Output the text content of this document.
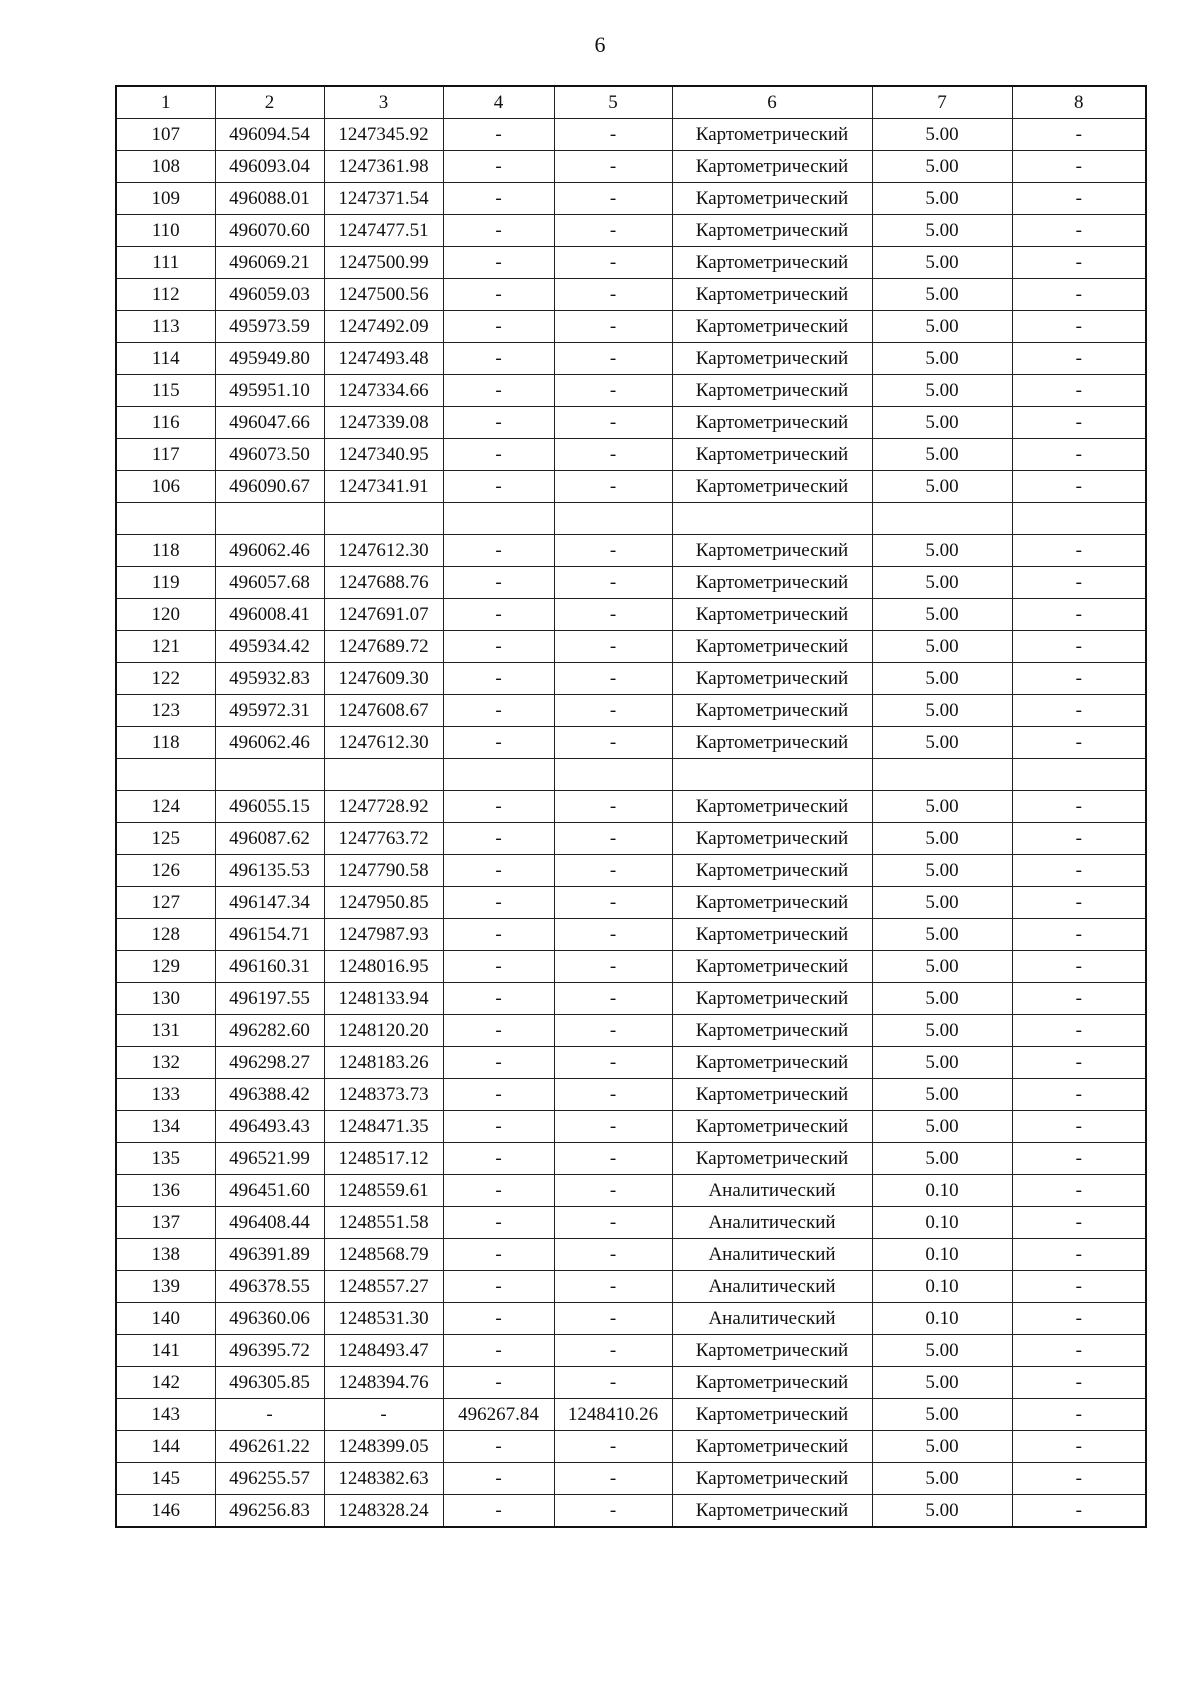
6
1	2	3	4	5	6	7	8
107	496094.54	1247345.92	-	-	Картометрический	5.00	-
108	496093.04	1247361.98	-	-	Картометрический	5.00	-
109	496088.01	1247371.54	-	-	Картометрический	5.00	-
110	496070.60	1247477.51	-	-	Картометрический	5.00	-
111	496069.21	1247500.99	-	-	Картометрический	5.00	-
112	496059.03	1247500.56	-	-	Картометрический	5.00	-
113	495973.59	1247492.09	-	-	Картометрический	5.00	-
114	495949.80	1247493.48	-	-	Картометрический	5.00	-
115	495951.10	1247334.66	-	-	Картометрический	5.00	-
116	496047.66	1247339.08	-	-	Картометрический	5.00	-
117	496073.50	1247340.95	-	-	Картометрический	5.00	-
106	496090.67	1247341.91	-	-	Картометрический	5.00	-

118	496062.46	1247612.30	-	-	Картометрический	5.00	-
119	496057.68	1247688.76	-	-	Картометрический	5.00	-
120	496008.41	1247691.07	-	-	Картометрический	5.00	-
121	495934.42	1247689.72	-	-	Картометрический	5.00	-
122	495932.83	1247609.30	-	-	Картометрический	5.00	-
123	495972.31	1247608.67	-	-	Картометрический	5.00	-
118	496062.46	1247612.30	-	-	Картометрический	5.00	-

124	496055.15	1247728.92	-	-	Картометрический	5.00	-
125	496087.62	1247763.72	-	-	Картометрический	5.00	-
126	496135.53	1247790.58	-	-	Картометрический	5.00	-
127	496147.34	1247950.85	-	-	Картометрический	5.00	-
128	496154.71	1247987.93	-	-	Картометрический	5.00	-
129	496160.31	1248016.95	-	-	Картометрический	5.00	-
130	496197.55	1248133.94	-	-	Картометрический	5.00	-
131	496282.60	1248120.20	-	-	Картометрический	5.00	-
132	496298.27	1248183.26	-	-	Картометрический	5.00	-
133	496388.42	1248373.73	-	-	Картометрический	5.00	-
134	496493.43	1248471.35	-	-	Картометрический	5.00	-
135	496521.99	1248517.12	-	-	Картометрический	5.00	-
136	496451.60	1248559.61	-	-	Аналитический	0.10	-
137	496408.44	1248551.58	-	-	Аналитический	0.10	-
138	496391.89	1248568.79	-	-	Аналитический	0.10	-
139	496378.55	1248557.27	-	-	Аналитический	0.10	-
140	496360.06	1248531.30	-	-	Аналитический	0.10	-
141	496395.72	1248493.47	-	-	Картометрический	5.00	-
142	496305.85	1248394.76	-	-	Картометрический	5.00	-
143	-	-	496267.84	1248410.26	Картометрический	5.00	-
144	496261.22	1248399.05	-	-	Картометрический	5.00	-
145	496255.57	1248382.63	-	-	Картометрический	5.00	-
146	496256.83	1248328.24	-	-	Картометрический	5.00	-
